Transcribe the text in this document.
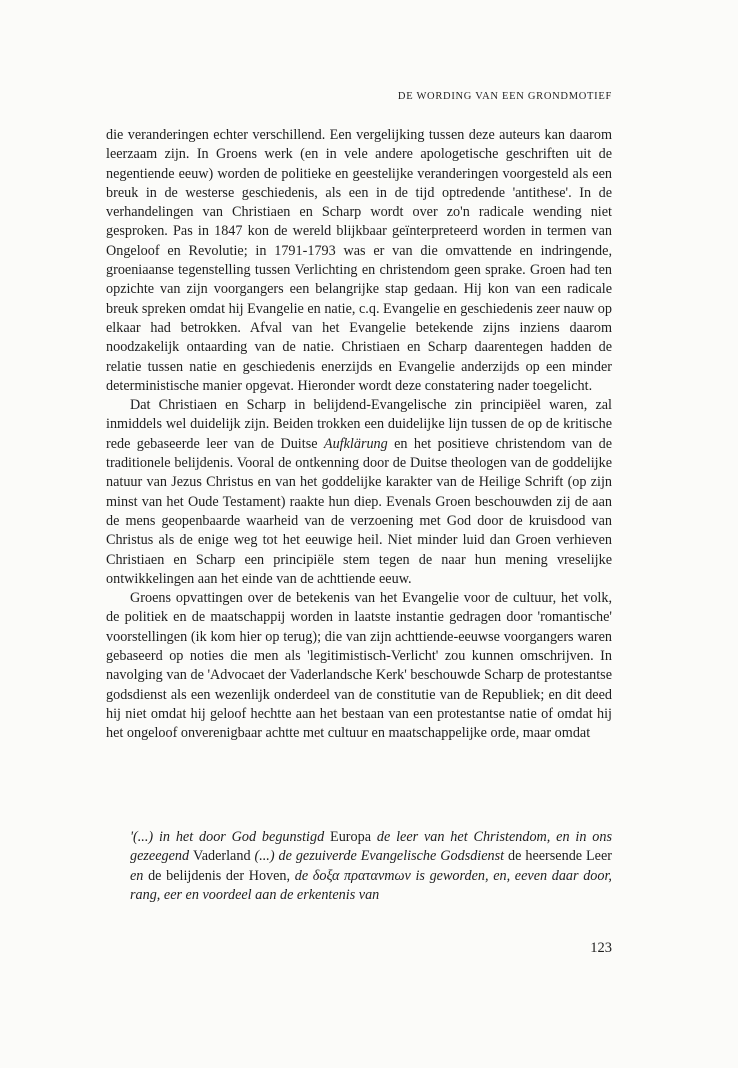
DE WORDING VAN EEN GRONDMOTIEF

die veranderingen echter verschillend. Een vergelijking tussen deze auteurs kan daarom leerzaam zijn. In Groens werk (en in vele andere apologetische geschriften uit de negentiende eeuw) worden de politieke en geestelijke veranderingen voorgesteld als een breuk in de westerse geschiedenis, als een in de tijd optredende 'antithese'. In de verhandelingen van Christiaen en Scharp wordt over zo'n radicale wending niet gesproken. Pas in 1847 kon de wereld blijkbaar geïnterpreteerd worden in termen van Ongeloof en Revolutie; in 1791-1793 was er van die omvattende en indringende, groeniaanse tegenstelling tussen Verlichting en christendom geen sprake. Groen had ten opzichte van zijn voorgangers een belangrijke stap gedaan. Hij kon van een radicale breuk spreken omdat hij Evangelie en natie, c.q. Evangelie en geschiedenis zeer nauw op elkaar had betrokken. Afval van het Evangelie betekende zijns inziens daarom noodzakelijk ontaarding van de natie. Christiaen en Scharp daarentegen hadden de relatie tussen natie en geschiedenis enerzijds en Evangelie anderzijds op een minder deterministische manier opgevat. Hieronder wordt deze constatering nader toegelicht.

Dat Christiaen en Scharp in belijdend-Evangelische zin principiëel waren, zal inmiddels wel duidelijk zijn. Beiden trokken een duidelijke lijn tussen de op de kritische rede gebaseerde leer van de Duitse Aufklärung en het positieve christendom van de traditionele belijdenis. Vooral de ontkenning door de Duitse theologen van de goddelijke natuur van Jezus Christus en van het goddelijke karakter van de Heilige Schrift (op zijn minst van het Oude Testament) raakte hun diep. Evenals Groen beschouwden zij de aan de mens geopenbaarde waarheid van de verzoening met God door de kruisdood van Christus als de enige weg tot het eeuwige heil. Niet minder luid dan Groen verhieven Christiaen en Scharp een principiële stem tegen de naar hun mening vreselijke ontwikkelingen aan het einde van de achttiende eeuw.

Groens opvattingen over de betekenis van het Evangelie voor de cultuur, het volk, de politiek en de maatschappij worden in laatste instantie gedragen door 'romantische' voorstellingen (ik kom hier op terug); die van zijn achttiende-eeuwse voorgangers waren gebaseerd op noties die men als 'legitimistisch-Verlicht' zou kunnen omschrijven. In navolging van de 'Advocaet der Vaderlandsche Kerk' beschouwde Scharp de protestantse godsdienst als een wezenlijk onderdeel van de constitutie van de Republiek; en dit deed hij niet omdat hij geloof hechtte aan het bestaan van een protestantse natie of omdat hij het ongeloof onverenigbaar achtte met cultuur en maatschappelijke orde, maar omdat

'(...) in het door God begunstigd Europa de leer van het Christendom, en in ons gezeegend Vaderland (...) de gezuiverde Evangelische Godsdienst de heersende Leer en de belijdenis der Hoven, de δοξα πρατανтων is geworden, en, eeven daar door, rang, eer en voordeel aan de erkentenis van

123
